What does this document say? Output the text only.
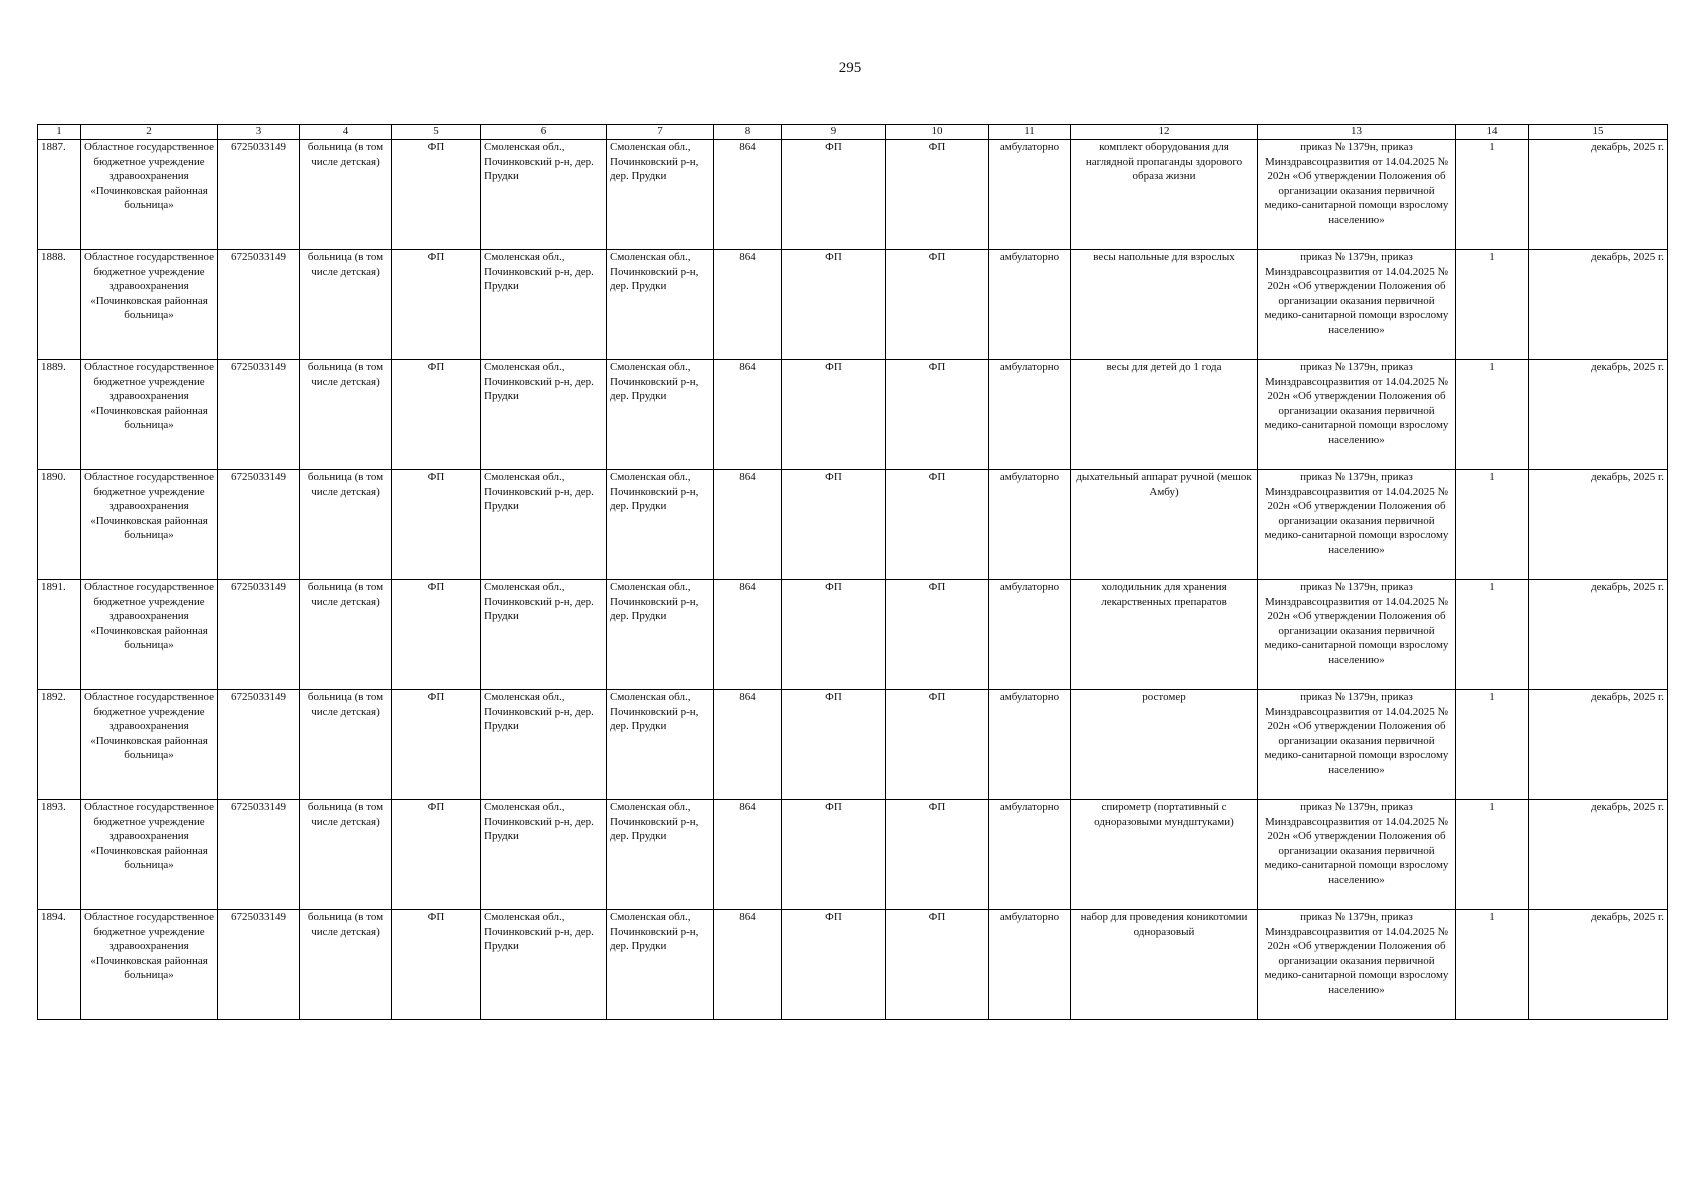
295
1	2	3	4	5	6	7	8	9	10	11	12	13	14	15
1887.	Областное государственное бюджетное учреждение здравоохранения «Починковская районная больница»	6725033149	больница (в том числе детская)	ФП	Смоленская обл., Починковский р-н, дер. Прудки	Смоленская обл., Починковский р-н, дер. Прудки	864	ФП	ФП	амбулаторно	комплект оборудования для наглядной пропаганды здорового образа жизни	приказ № 1379н, приказ Минздравсоцразвития от 14.04.2025 № 202н «Об утверждении Положения об организации оказания первичной медико-санитарной помощи взрослому населению»	1	декабрь, 2025 г.
1888.	Областное государственное бюджетное учреждение здравоохранения «Починковская районная больница»	6725033149	больница (в том числе детская)	ФП	Смоленская обл., Починковский р-н, дер. Прудки	Смоленская обл., Починковский р-н, дер. Прудки	864	ФП	ФП	амбулаторно	весы напольные для взрослых	приказ № 1379н, приказ Минздравсоцразвития от 14.04.2025 № 202н «Об утверждении Положения об организации оказания первичной медико-санитарной помощи взрослому населению»	1	декабрь, 2025 г.
1889.	Областное государственное бюджетное учреждение здравоохранения «Починковская районная больница»	6725033149	больница (в том числе детская)	ФП	Смоленская обл., Починковский р-н, дер. Прудки	Смоленская обл., Починковский р-н, дер. Прудки	864	ФП	ФП	амбулаторно	весы для детей до 1 года	приказ № 1379н, приказ Минздравсоцразвития от 14.04.2025 № 202н «Об утверждении Положения об организации оказания первичной медико-санитарной помощи взрослому населению»	1	декабрь, 2025 г.
1890.	Областное государственное бюджетное учреждение здравоохранения «Починковская районная больница»	6725033149	больница (в том числе детская)	ФП	Смоленская обл., Починковский р-н, дер. Прудки	Смоленская обл., Починковский р-н, дер. Прудки	864	ФП	ФП	амбулаторно	дыхательный аппарат ручной (мешок Амбу)	приказ № 1379н, приказ Минздравсоцразвития от 14.04.2025 № 202н «Об утверждении Положения об организации оказания первичной медико-санитарной помощи взрослому населению»	1	декабрь, 2025 г.
1891.	Областное государственное бюджетное учреждение здравоохранения «Починковская районная больница»	6725033149	больница (в том числе детская)	ФП	Смоленская обл., Починковский р-н, дер. Прудки	Смоленская обл., Починковский р-н, дер. Прудки	864	ФП	ФП	амбулаторно	холодильник для хранения лекарственных препаратов	приказ № 1379н, приказ Минздравсоцразвития от 14.04.2025 № 202н «Об утверждении Положения об организации оказания первичной медико-санитарной помощи взрослому населению»	1	декабрь, 2025 г.
1892.	Областное государственное бюджетное учреждение здравоохранения «Починковская районная больница»	6725033149	больница (в том числе детская)	ФП	Смоленская обл., Починковский р-н, дер. Прудки	Смоленская обл., Починковский р-н, дер. Прудки	864	ФП	ФП	амбулаторно	ростомер	приказ № 1379н, приказ Минздравсоцразвития от 14.04.2025 № 202н «Об утверждении Положения об организации оказания первичной медико-санитарной помощи взрослому населению»	1	декабрь, 2025 г.
1893.	Областное государственное бюджетное учреждение здравоохранения «Починковская районная больница»	6725033149	больница (в том числе детская)	ФП	Смоленская обл., Починковский р-н, дер. Прудки	Смоленская обл., Починковский р-н, дер. Прудки	864	ФП	ФП	амбулаторно	спирометр (портативный с одноразовыми мундштуками)	приказ № 1379н, приказ Минздравсоцразвития от 14.04.2025 № 202н «Об утверждении Положения об организации оказания первичной медико-санитарной помощи взрослому населению»	1	декабрь, 2025 г.
1894.	Областное государственное бюджетное учреждение здравоохранения «Починковская районная больница»	6725033149	больница (в том числе детская)	ФП	Смоленская обл., Починковский р-н, дер. Прудки	Смоленская обл., Починковский р-н, дер. Прудки	864	ФП	ФП	амбулаторно	набор для проведения коникотомии одноразовый	приказ № 1379н, приказ Минздравсоцразвития от 14.04.2025 № 202н «Об утверждении Положения об организации оказания первичной медико-санитарной помощи взрослому населению»	1	декабрь, 2025 г.
